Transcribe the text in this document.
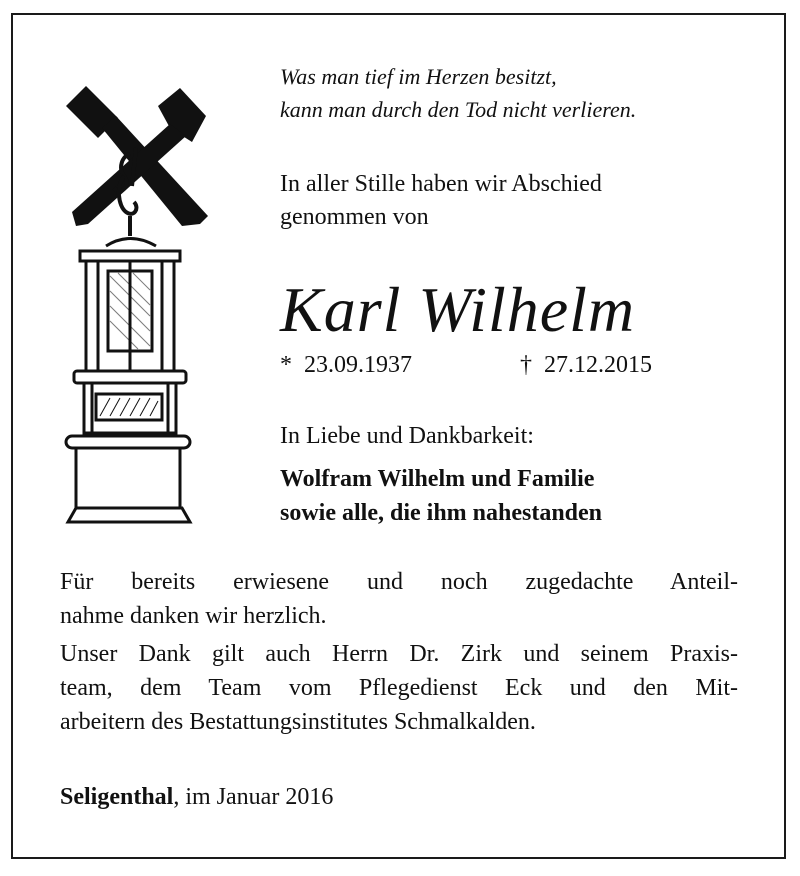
Was man tief im Herzen besitzt,
kann man durch den Tod nicht verlieren.
In aller Stille haben wir Abschied
genommen von
Karl Wilhelm
*  23.09.1937	†  27.12.2015
In Liebe und Dankbarkeit:
Wolfram Wilhelm und Familie
sowie alle, die ihm nahestanden
Für bereits erwiesene und noch zugedachte Anteil-
nahme danken wir herzlich.
Unser Dank gilt auch Herrn Dr. Zirk und seinem Praxis-
team, dem Team vom Pflegedienst Eck und den Mit-
arbeitern des Bestattungsinstitutes Schmalkalden.
Seligenthal, im Januar 2016
